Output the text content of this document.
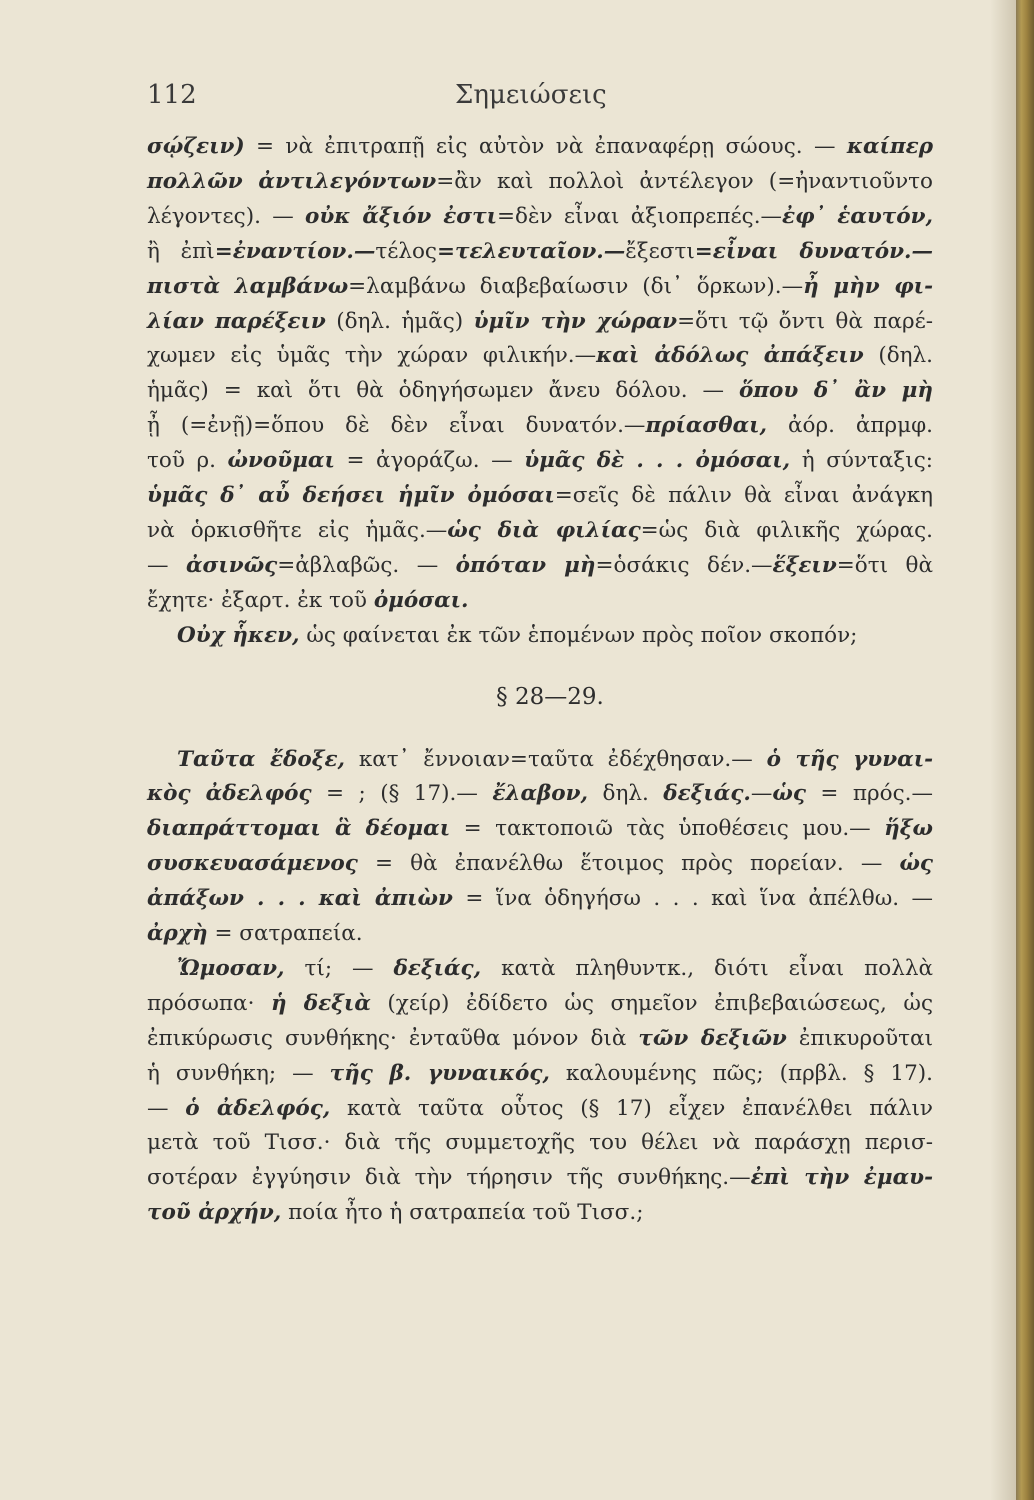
112	Σημειώσεις
σῴζειν) = νὰ ἐπιτραπῇ εἰς αὐτὸν νὰ ἐπαναφέρῃ σώους. — καίπερ
πολλῶν ἀντιλεγόντων=ἂν καὶ πολλοὶ ἀντέλεγον (=ἠναντιοῦντο
λέγοντες). — οὐκ ἄξιόν ἐστι=δὲν εἶναι ἀξιοπρεπές.—ἐφ᾽ ἑαυτόν,
ἢ ἐπὶ=ἐναντίον.—τέλος=τελευταῖον.—ἔξεστι=εἶναι δυνατόν.—
πιστὰ λαμβάνω=λαμβάνω διαβεβαίωσιν (δι᾽ ὅρκων).—ἦ μὴν φι-
λίαν παρέξειν (δηλ. ἡμᾶς) ὑμῖν τὴν χώραν=ὅτι τῷ ὄντι θὰ παρέ-
χωμεν εἰς ὑμᾶς τὴν χώραν φιλικήν.—καὶ ἀδόλως ἀπάξειν (δηλ.
ἡμᾶς) = καὶ ὅτι θὰ ὁδηγήσωμεν ἄνευ δόλου. — ὅπου δ᾽ ἂν μὴ
ᾖ (=ἐνῇ)=ὅπου δὲ δὲν εἶναι δυνατόν.—πρίασθαι, ἀόρ. ἀπρμφ.
τοῦ ρ. ὠνοῦμαι = ἀγοράζω. — ὑμᾶς δὲ . . . ὀμόσαι, ἡ σύνταξις:
ὑμᾶς δ᾽ αὖ δεήσει ἡμῖν ὀμόσαι=σεῖς δὲ πάλιν θὰ εἶναι ἀνάγκη
νὰ ὁρκισθῆτε εἰς ἡμᾶς.—ὡς διὰ φιλίας=ὡς διὰ φιλικῆς χώρας.
— ἀσινῶς=ἀβλαβῶς. — ὁπόταν μὴ=ὁσάκις δέν.—ἕξειν=ὅτι θὰ
ἔχητε· ἐξαρτ. ἐκ τοῦ ὀμόσαι.
Οὐχ ἧκεν, ὡς φαίνεται ἐκ τῶν ἑπομένων πρὸς ποῖον σκοπόν;
§ 28—29.
Ταῦτα ἔδοξε, κατ᾽ ἔννοιαν=ταῦτα ἐδέχθησαν.— ὁ τῆς γυναι-
κὸς ἀδελφός = ; (§ 17).— ἔλαβον, δηλ. δεξιάς.—ὡς = πρός.—
διαπράττομαι ἃ δέομαι = τακτοποιῶ τὰς ὑποθέσεις μου.— ἥξω
συσκευασάμενος = θὰ ἐπανέλθω ἕτοιμος πρὸς πορείαν. — ὡς
ἀπάξων . . . καὶ ἀπιὼν = ἵνα ὁδηγήσω . . . καὶ ἵνα ἀπέλθω. —
ἀρχὴ = σατραπεία.
Ὤμοσαν, τί; — δεξιάς, κατὰ πληθυντκ., διότι εἶναι πολλὰ
πρόσωπα· ἡ δεξιὰ (χείρ) ἐδίδετο ὡς σημεῖον ἐπιβεβαιώσεως, ὡς
ἐπικύρωσις συνθήκης· ἐνταῦθα μόνον διὰ τῶν δεξιῶν ἐπικυροῦται
ἡ συνθήκη; — τῆς β. γυναικός, καλουμένης πῶς; (πρβλ. § 17).
— ὁ ἀδελφός, κατὰ ταῦτα οὗτος (§ 17) εἶχεν ἐπανέλθει πάλιν
μετὰ τοῦ Τισσ.· διὰ τῆς συμμετοχῆς του θέλει νὰ παράσχῃ περισ-
σοτέραν ἐγγύησιν διὰ τὴν τήρησιν τῆς συνθήκης.—ἐπὶ τὴν ἐμαυ-
τοῦ ἀρχήν, ποία ἦτο ἡ σατραπεία τοῦ Τισσ.;
